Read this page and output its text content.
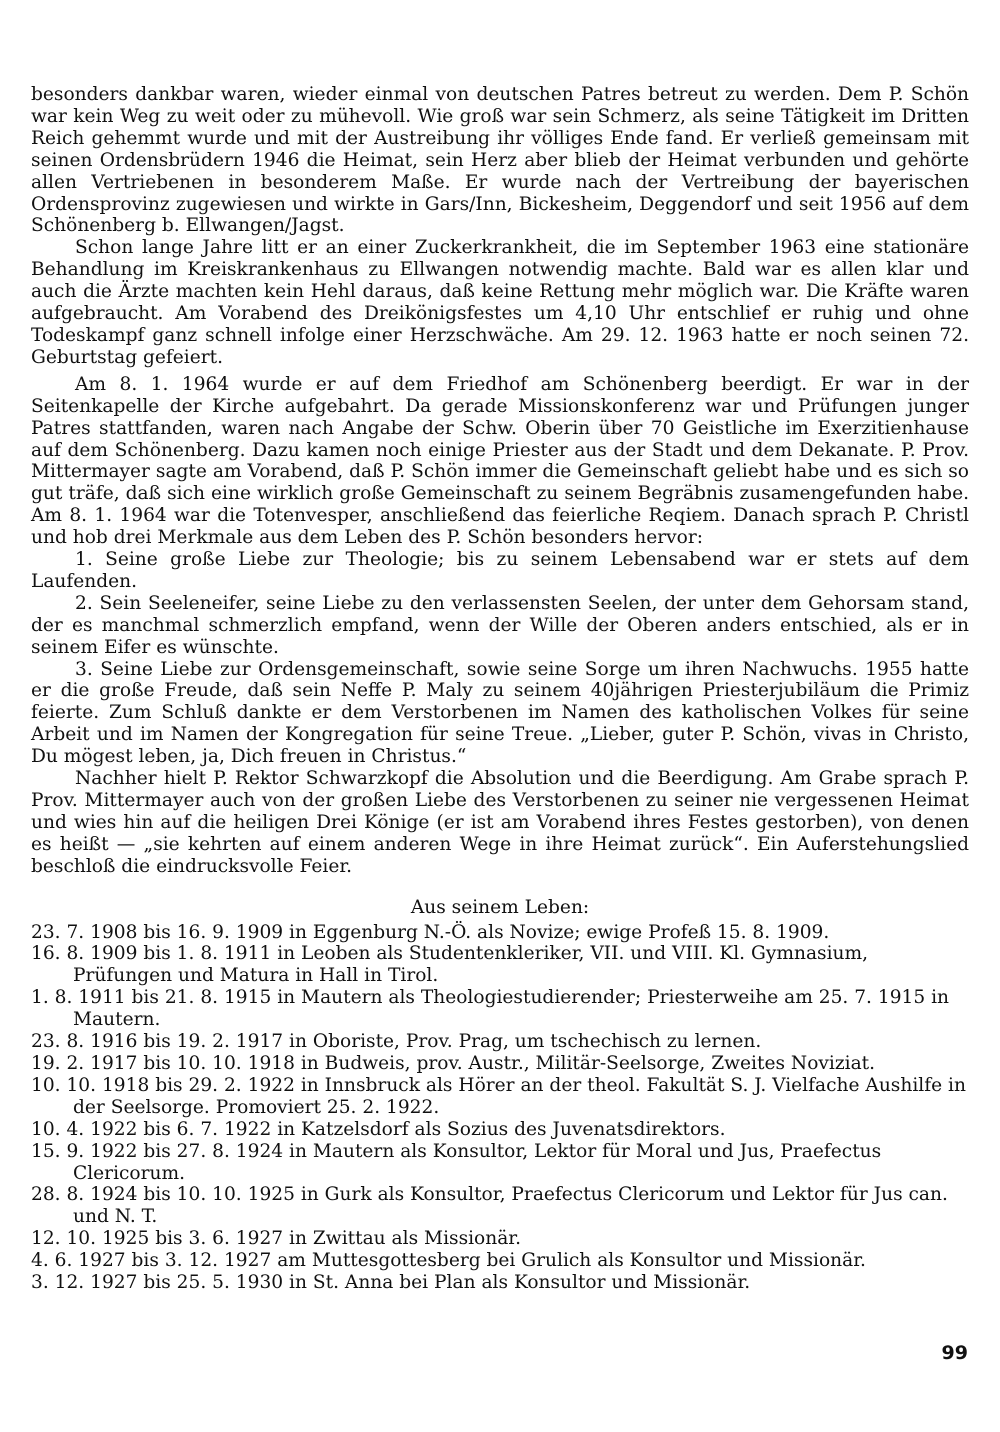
besonders dankbar waren, wieder einmal von deutschen Patres betreut zu werden. Dem P. Schön war kein Weg zu weit oder zu mühevoll. Wie groß war sein Schmerz, als seine Tätigkeit im Dritten Reich gehemmt wurde und mit der Austreibung ihr völliges Ende fand. Er verließ gemeinsam mit seinen Ordensbrüdern 1946 die Heimat, sein Herz aber blieb der Heimat verbunden und gehörte allen Vertriebenen in besonderem Maße. Er wurde nach der Vertreibung der bayerischen Ordensprovinz zugewiesen und wirkte in Gars/Inn, Bickesheim, Deggendorf und seit 1956 auf dem Schönenberg b. Ellwangen/Jagst.

Schon lange Jahre litt er an einer Zuckerkrankheit, die im September 1963 eine stationäre Behandlung im Kreiskrankenhaus zu Ellwangen notwendig machte. Bald war es allen klar und auch die Ärzte machten kein Hehl daraus, daß keine Rettung mehr möglich war. Die Kräfte waren aufgebraucht. Am Vorabend des Dreikönigsfestes um 4,10 Uhr entschlief er ruhig und ohne Todeskampf ganz schnell infolge einer Herzschwäche. Am 29. 12. 1963 hatte er noch seinen 72. Geburtstag gefeiert.

Am 8. 1. 1964 wurde er auf dem Friedhof am Schönenberg beerdigt. Er war in der Seitenkapelle der Kirche aufgebahrt. Da gerade Missionskonferenz war und Prüfungen junger Patres stattfanden, waren nach Angabe der Schw. Oberin über 70 Geistliche im Exerzitienhause auf dem Schönenberg. Dazu kamen noch einige Priester aus der Stadt und dem Dekanate. P. Prov. Mittermayer sagte am Vorabend, daß P. Schön immer die Gemeinschaft geliebt habe und es sich so gut träfe, daß sich eine wirklich große Gemeinschaft zu seinem Begräbnis zusamengefunden habe. Am 8. 1. 1964 war die Totenvesper, anschließend das feierliche Reqiem. Danach sprach P. Christl und hob drei Merkmale aus dem Leben des P. Schön besonders hervor:

1. Seine große Liebe zur Theologie; bis zu seinem Lebensabend war er stets auf dem Laufenden.

2. Sein Seeleneifer, seine Liebe zu den verlassensten Seelen, der unter dem Gehorsam stand, der es manchmal schmerzlich empfand, wenn der Wille der Oberen anders entschied, als er in seinem Eifer es wünschte.

3. Seine Liebe zur Ordensgemeinschaft, sowie seine Sorge um ihren Nachwuchs. 1955 hatte er die große Freude, daß sein Neffe P. Maly zu seinem 40jährigen Priesterjubiläum die Primiz feierte. Zum Schluß dankte er dem Verstorbenen im Namen des katholischen Volkes für seine Arbeit und im Namen der Kongregation für seine Treue. „Lieber, guter P. Schön, vivas in Christo, Du mögest leben, ja, Dich freuen in Christus.“

Nachher hielt P. Rektor Schwarzkopf die Absolution und die Beerdigung. Am Grabe sprach P. Prov. Mittermayer auch von der großen Liebe des Verstorbenen zu seiner nie vergessenen Heimat und wies hin auf die heiligen Drei Könige (er ist am Vorabend ihres Festes gestorben), von denen es heißt — „sie kehrten auf einem anderen Wege in ihre Heimat zurück“. Ein Auferstehungslied beschloß die eindrucksvolle Feier.

Aus seinem Leben:
23. 7. 1908 bis 16. 9. 1909 in Eggenburg N.-Ö. als Novize; ewige Profeß 15. 8. 1909.
16. 8. 1909 bis 1. 8. 1911 in Leoben als Studentenkleriker, VII. und VIII. Kl. Gymnasium, Prüfungen und Matura in Hall in Tirol.
1. 8. 1911 bis 21. 8. 1915 in Mautern als Theologiestudierender; Priesterweihe am 25. 7. 1915 in Mautern.
23. 8. 1916 bis 19. 2. 1917 in Oboriste, Prov. Prag, um tschechisch zu lernen.
19. 2. 1917 bis 10. 10. 1918 in Budweis, prov. Austr., Militär-Seelsorge, Zweites Noviziat.
10. 10. 1918 bis 29. 2. 1922 in Innsbruck als Hörer an der theol. Fakultät S. J. Vielfache Aushilfe in der Seelsorge. Promoviert 25. 2. 1922.
10. 4. 1922 bis 6. 7. 1922 in Katzelsdorf als Sozius des Juvenatsdirektors.
15. 9. 1922 bis 27. 8. 1924 in Mautern als Konsultor, Lektor für Moral und Jus, Praefectus Clericorum.
28. 8. 1924 bis 10. 10. 1925 in Gurk als Konsultor, Praefectus Clericorum und Lektor für Jus can. und N. T.
12. 10. 1925 bis 3. 6. 1927 in Zwittau als Missionär.
4. 6. 1927 bis 3. 12. 1927 am Muttesgottesberg bei Grulich als Konsultor und Missionär.
3. 12. 1927 bis 25. 5. 1930 in St. Anna bei Plan als Konsultor und Missionär.
99
